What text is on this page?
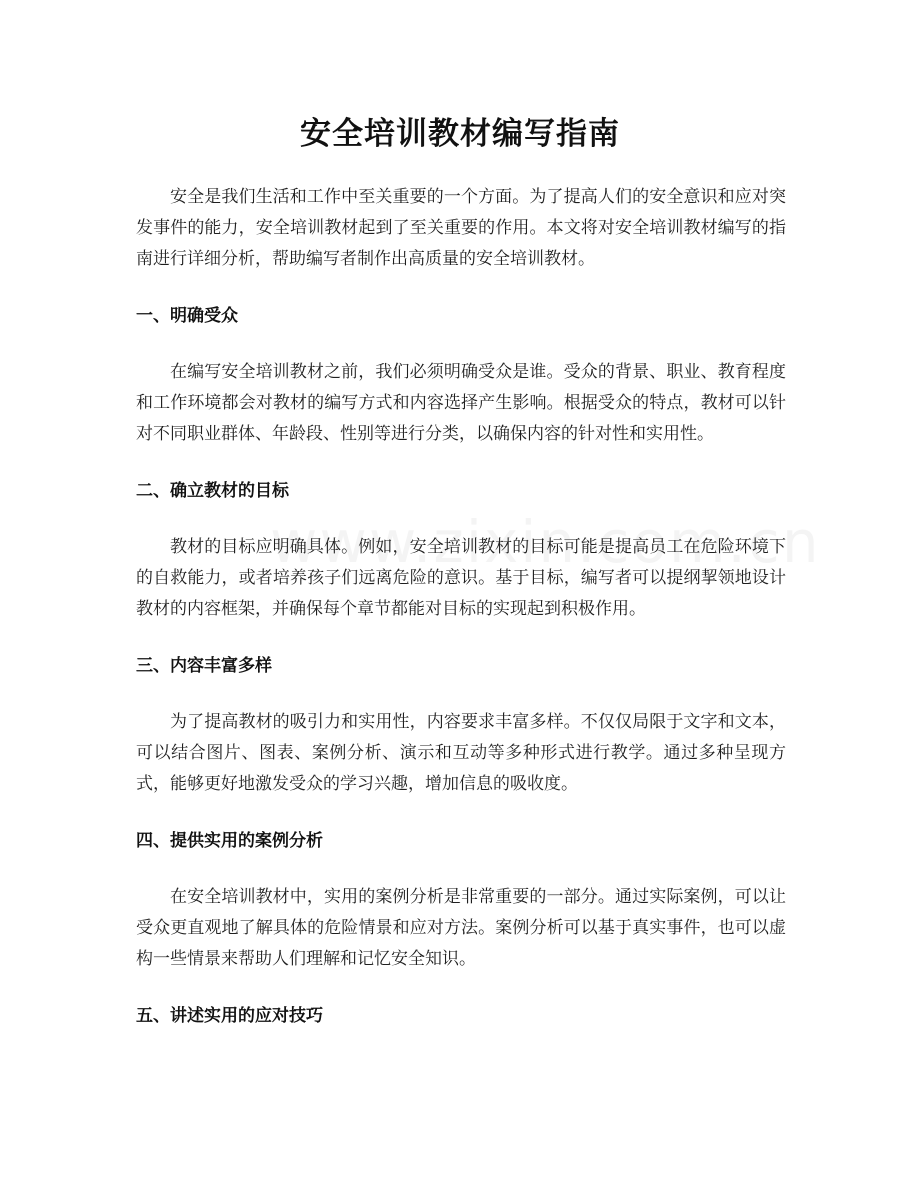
安全培训教材编写指南

安全是我们生活和工作中至关重要的一个方面。为了提高人们的安全意识和应对突发事件的能力，安全培训教材起到了至关重要的作用。本文将对安全培训教材编写的指南进行详细分析，帮助编写者制作出高质量的安全培训教材。

一、明确受众

在编写安全培训教材之前，我们必须明确受众是谁。受众的背景、职业、教育程度和工作环境都会对教材的编写方式和内容选择产生影响。根据受众的特点，教材可以针对不同职业群体、年龄段、性别等进行分类，以确保内容的针对性和实用性。

二、确立教材的目标

教材的目标应明确具体。例如，安全培训教材的目标可能是提高员工在危险环境下的自救能力，或者培养孩子们远离危险的意识。基于目标，编写者可以提纲挈领地设计教材的内容框架，并确保每个章节都能对目标的实现起到积极作用。

三、内容丰富多样

为了提高教材的吸引力和实用性，内容要求丰富多样。不仅仅局限于文字和文本，可以结合图片、图表、案例分析、演示和互动等多种形式进行教学。通过多种呈现方式，能够更好地激发受众的学习兴趣，增加信息的吸收度。

四、提供实用的案例分析

在安全培训教材中，实用的案例分析是非常重要的一部分。通过实际案例，可以让受众更直观地了解具体的危险情景和应对方法。案例分析可以基于真实事件，也可以虚构一些情景来帮助人们理解和记忆安全知识。

五、讲述实用的应对技巧
